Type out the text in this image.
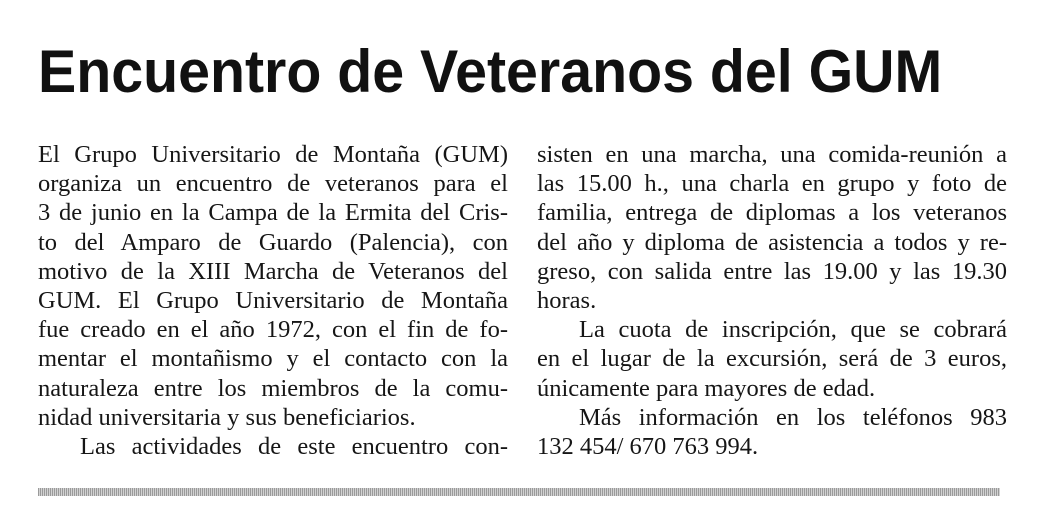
Encuentro de Veteranos del GUM
El Grupo Universitario de Montaña (GUM)
organiza un encuentro de veteranos para el
3 de junio en la Campa de la Ermita del Cris-
to del Amparo de Guardo (Palencia), con
motivo de la XIII Marcha de Veteranos del
GUM. El Grupo Universitario de Montaña
fue creado en el año 1972, con el fin de fo-
mentar el montañismo y el contacto con la
naturaleza entre los miembros de la comu-
nidad universitaria y sus beneficiarios.
Las actividades de este encuentro con-
sisten en una marcha, una comida-reunión a
las 15.00 h., una charla en grupo y foto de
familia, entrega de diplomas a los veteranos
del año y diploma de asistencia a todos y re-
greso, con salida entre las 19.00 y las 19.30
horas.
La cuota de inscripción, que se cobrará
en el lugar de la excursión, será de 3 euros,
únicamente para mayores de edad.
Más información en los teléfonos 983
132 454/ 670 763 994.
